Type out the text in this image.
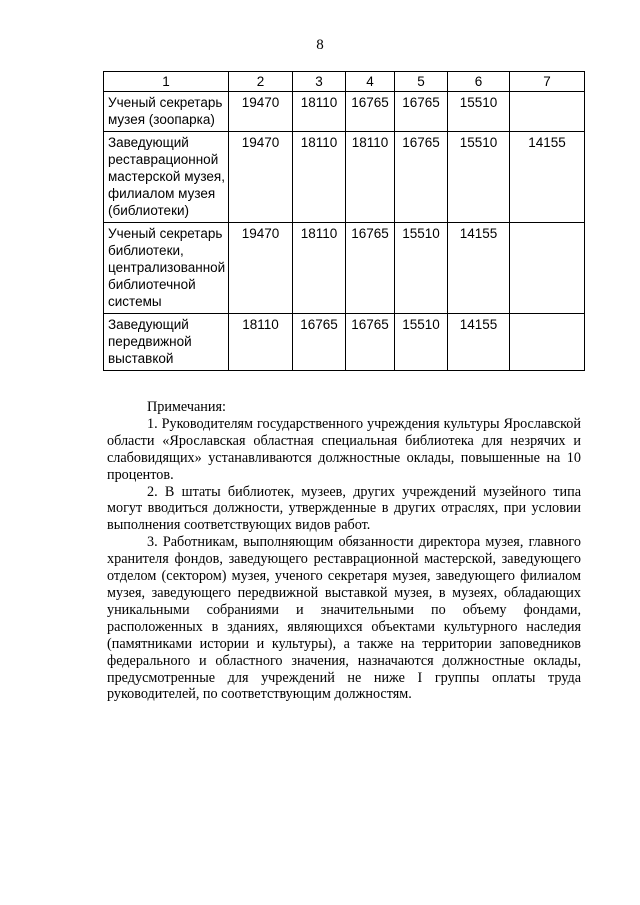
8
1	2	3	4	5	6	7
Ученый секретарь музея (зоопарка)	19470	18110	16765	16765	15510	
Заведующий реставрационной мастерской музея, филиалом музея (библиотеки)	19470	18110	18110	16765	15510	14155
Ученый секретарь библиотеки, централизованной библиотечной системы	19470	18110	16765	15510	14155	
Заведующий передвижной выставкой	18110	16765	16765	15510	14155	

Примечания:

1. Руководителям государственного учреждения культуры Ярославской области «Ярославская областная специальная библиотека для незрячих и слабовидящих» устанавливаются должностные оклады, повышенные на 10 процентов.

2. В штаты библиотек, музеев, других учреждений музейного типа могут вводиться должности, утвержденные в других отраслях, при условии выполнения соответствующих видов работ.

3. Работникам, выполняющим обязанности директора музея, главного хранителя фондов, заведующего реставрационной мастерской, заведующего отделом (сектором) музея, ученого секретаря музея, заведующего филиалом музея, заведующего передвижной выставкой музея, в музеях, обладающих уникальными собраниями и значительными по объему фондами, расположенных в зданиях, являющихся объектами культурного наследия (памятниками истории и культуры), а также на территории заповедников федерального и областного значения, назначаются должностные оклады, предусмотренные для учреждений не ниже I группы оплаты труда руководителей, по соответствующим должностям.
